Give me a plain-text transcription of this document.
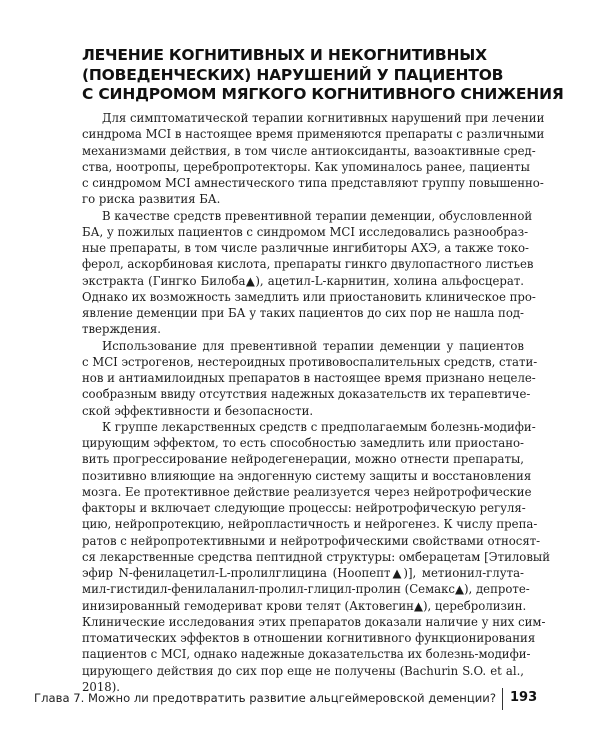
ЛЕЧЕНИЕ КОГНИТИВНЫХ И НЕКОГНИТИВНЫХ
(ПОВЕДЕНЧЕСКИХ) НАРУШЕНИЙ У ПАЦИЕНТОВ
С СИНДРОМОМ МЯГКОГО КОГНИТИВНОГО СНИЖЕНИЯ

Для симптоматической терапии когнитивных нарушений при лечении
синдрома MCI в настоящее время применяются препараты с различными
механизмами действия, в том числе антиоксиданты, вазоактивные сред-
ства, ноотропы, церебропротекторы. Как упоминалось ранее, пациенты
с синдромом MCI амнестического типа представляют группу повышенно-
го риска развития БА.

В качестве средств превентивной терапии деменции, обусловленной
БА, у пожилых пациентов с синдромом MCI исследовались разнообраз-
ные препараты, в том числе различные ингибиторы АХЭ, а также токо-
ферол, аскорбиновая кислота, препараты гинкго двулопастного листьев
экстракта (Гингко Билоба▲), ацетил-L-карнитин, холина альфосцерат.
Однако их возможность замедлить или приостановить клиническое про-
явление деменции при БА у таких пациентов до сих пор не нашла под-
тверждения.

Использование для превентивной терапии деменции у пациентов
с MCI эстрогенов, нестероидных противовоспалительных средств, стати-
нов и антиамилоидных препаратов в настоящее время признано нецеле-
сообразным ввиду отсутствия надежных доказательств их терапевтиче-
ской эффективности и безопасности.

К группе лекарственных средств с предполагаемым болезнь-модифи-
цирующим эффектом, то есть способностью замедлить или приостано-
вить прогрессирование нейродегенерации, можно отнести препараты,
позитивно влияющие на эндогенную систему защиты и восстановления
мозга. Ее протективное действие реализуется через нейротрофические
факторы и включает следующие процессы: нейротрофическую регуля-
цию, нейропротекцию, нейропластичность и нейрогенез. К числу препа-
ратов с нейропротективными и нейротрофическими свойствами относят-
ся лекарственные средства пептидной структуры: омберацетам [Этиловый
эфир N-фенилацетил-L-пролилглицина (Ноопепт▲)], метионил-глута-
мил-гистидил-фенилаланил-пролил-глицил-пролин (Семакс▲), депроте-
инизированный гемодериват крови телят (Актовегин▲), церебролизин.
Клинические исследования этих препаратов доказали наличие у них сим-
птоматических эффектов в отношении когнитивного функционирования
пациентов с MCI, однако надежные доказательства их болезнь-модифи-
цирующего действия до сих пор еще не получены (Bachurin S.O. et al.,
2018).

Глава 7. Можно ли предотвратить развитие альцгеймеровской деменции? 193
